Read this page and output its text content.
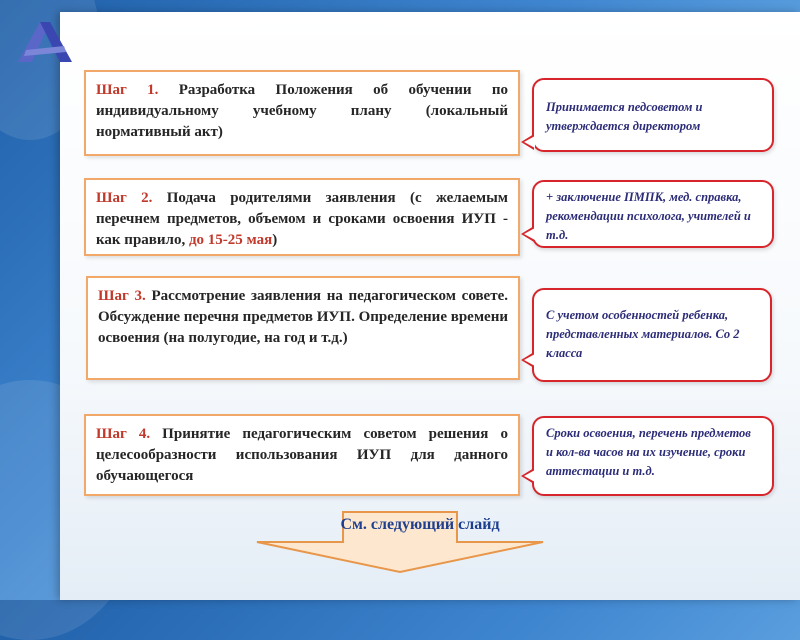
Шаг 1. Разработка Положения об обучении по индивидуальному учебному плану (локальный нормативный акт)
Шаг 2. Подача родителями заявления (с желаемым перечнем предметов, объемом и сроками освоения ИУП - как правило, до 15-25 мая)
Шаг 3. Рассмотрение заявления на педагогическом совете. Обсуждение перечня предметов ИУП. Определение времени освоения (на полугодие, на год и т.д.)
Шаг 4. Принятие педагогическим советом решения о целесообразности использования ИУП для данного обучающегося
Принимается педсоветом и утверждается директором
+ заключение ПМПК, мед. справка, рекомендации психолога, учителей и т.д.
С учетом особенностей ребенка, представленных материалов. Со 2 класса
Сроки освоения, перечень предметов и кол-ва часов на их изучение, сроки аттестации и т.д.
См. следующий слайд
